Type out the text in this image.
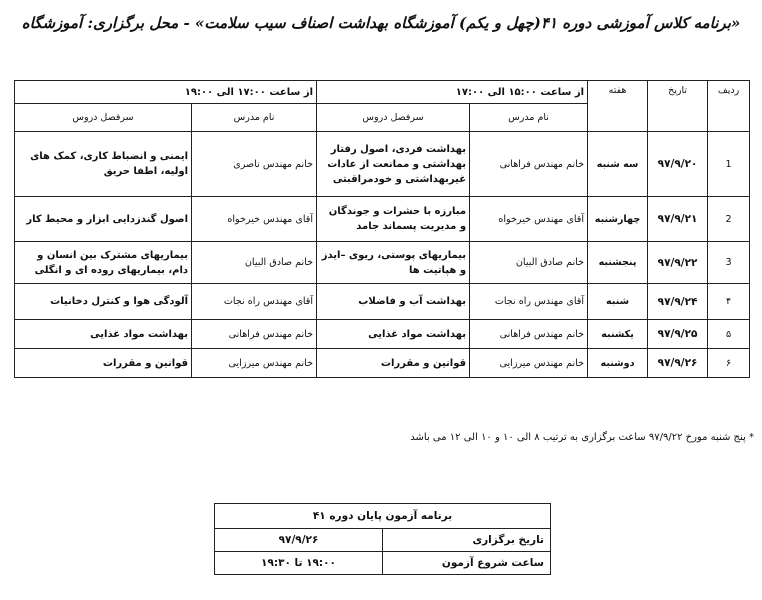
«برنامه کلاس آموزشی دوره ۴۱(چهل و یکم) آموزشگاه بهداشت اصناف سیب سلامت» - محل برگزاری: آموزشگاه
ردیف	تاریخ	هفته	از ساعت ۱۵:۰۰ الی ۱۷:۰۰		از ساعت ۱۷:۰۰ الی ۱۹:۰۰	
			نام مدرس	سرفصل دروس	نام مدرس	سرفصل دروس
1	۹۷/۹/۲۰	سه شنبه	خانم مهندس فراهانی	بهداشت فردی، اصول رفتار بهداشتی و ممانعت از عادات غیربهداشتی و خودمراقبتی	خانم مهندس ناصری	ایمنی و انضباط کاری، کمک های اولیه، اطفا حریق
2	۹۷/۹/۲۱	چهارشنبه	آقای مهندس خیرخواه	مبارزه با حشرات و جوندگان و مدیریت پسماند جامد	آقای مهندس خیرخواه	اصول گندزدایی ابزار و محیط کار
3	۹۷/۹/۲۲	پنجشنبه	خانم صادق البیان	بیماریهای پوستی، ریوی –ایدز و هپاتیت ها	خانم صادق البیان	بیماریهای مشترک بین انسان و دام، بیماریهای روده ای و انگلی
۴	۹۷/۹/۲۴	شنبه	آقای مهندس راه نجات	بهداشت آب و فاضلاب	آقای مهندس راه نجات	آلودگی هوا و کنترل دخانیات
۵	۹۷/۹/۲۵	یکشنبه	خانم مهندس فراهانی	بهداشت مواد غذایی	خانم مهندس فراهانی	بهداشت مواد غذایی
۶	۹۷/۹/۲۶	دوشنبه	خانم مهندس میرزایی	قوانین و مقررات	خانم مهندس میرزایی	قوانین و مقررات
* پنج شنبه مورخ ۹۷/۹/۲۲ ساعت برگزاری به ترتیب ۸ الی ۱۰ و ۱۰ الی ۱۲ می باشد
برنامه آزمون پایان دوره ۴۱	
تاریخ برگزاری	۹۷/۹/۲۶
ساعت شروع آزمون	۱۹:۰۰ تا ۱۹:۳۰
